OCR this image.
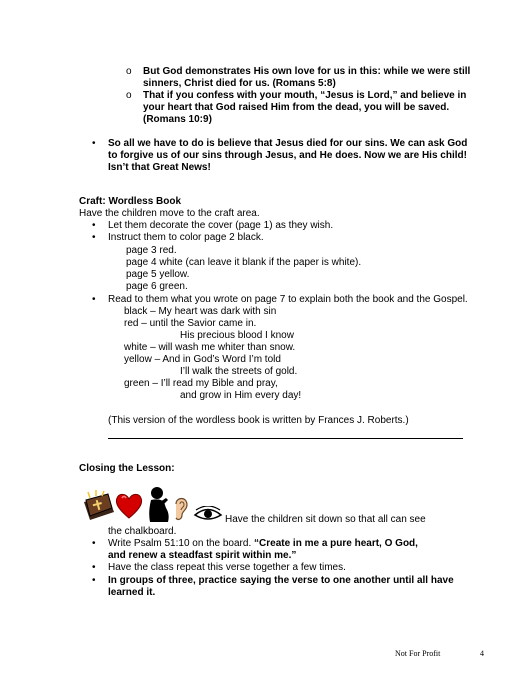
o But God demonstrates His own love for us in this: while we were still
sinners, Christ died for us. (Romans 5:8)
o That if you confess with your mouth, “Jesus is Lord,” and believe in
your heart that God raised Him from the dead, you will be saved.
(Romans 10:9)
• So all we have to do is believe that Jesus died for our sins. We can ask God
to forgive us of our sins through Jesus, and He does. Now we are His child!
Isn’t that Great News!
Craft: Wordless Book
Have the children move to the craft area.
• Let them decorate the cover (page 1) as they wish.
• Instruct them to color page 2 black.
page 3 red.
page 4 white (can leave it blank if the paper is white).
page 5 yellow.
page 6 green.
• Read to them what you wrote on page 7 to explain both the book and the Gospel.
black – My heart was dark with sin
red – until the Savior came in.
His precious blood I know
white – will wash me whiter than snow.
yellow – And in God’s Word I’m told
I’ll walk the streets of gold.
green – I’ll read my Bible and pray,
and grow in Him every day!
(This version of the wordless book is written by Frances J. Roberts.)
Closing the Lesson:
Have the children sit down so that all can see
the chalkboard.
• Write Psalm 51:10 on the board. “Create in me a pure heart, O God,
and renew a steadfast spirit within me.”
• Have the class repeat this verse together a few times.
• In groups of three, practice saying the verse to one another until all have
learned it.
Not For Profit	4
